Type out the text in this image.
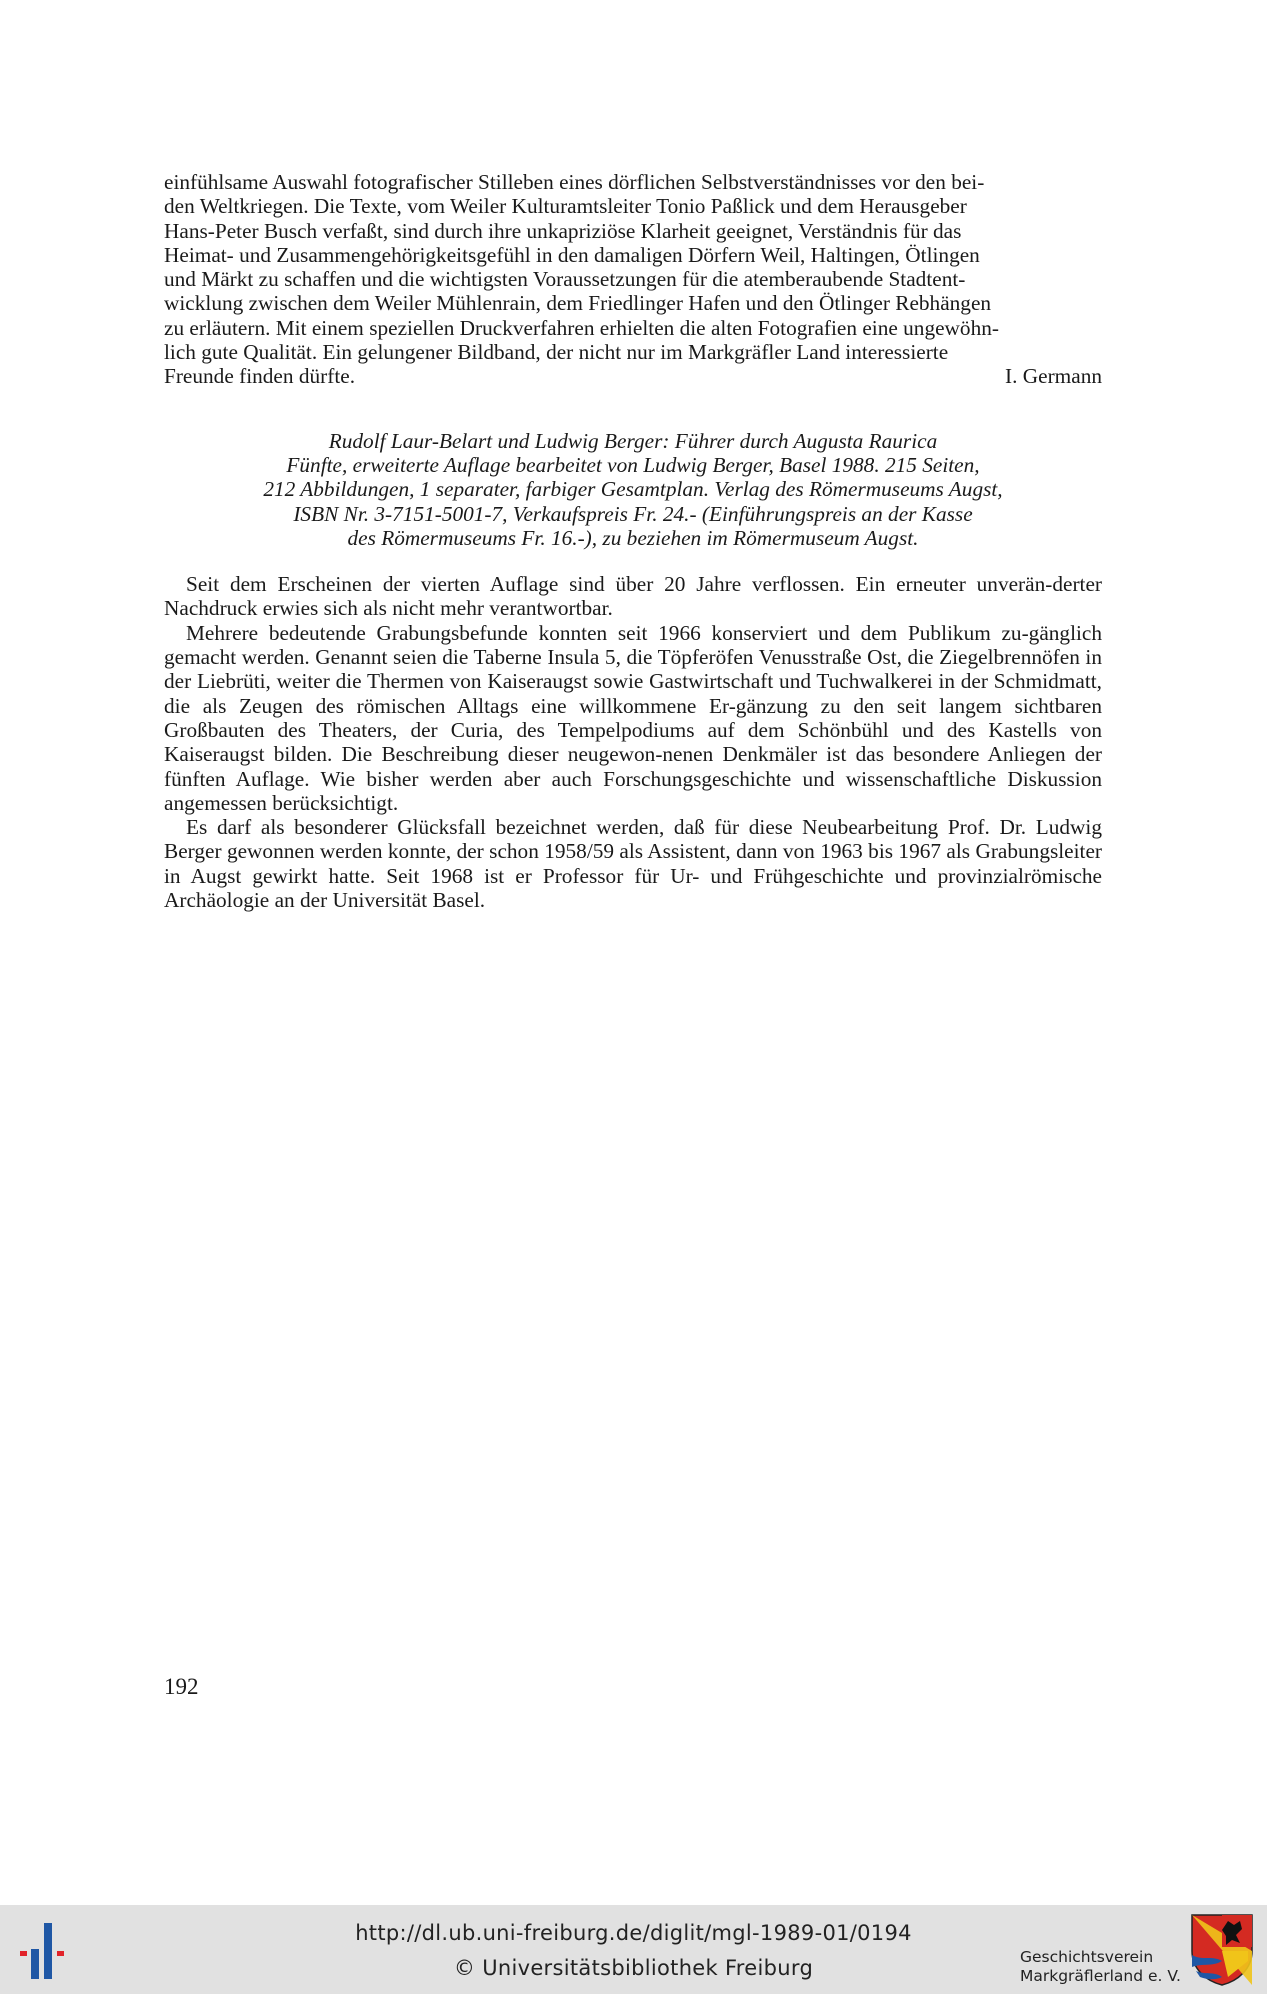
einfühlsame Auswahl fotografischer Stilleben eines dörflichen Selbstverständnisses vor den bei-

den Weltkriegen. Die Texte, vom Weiler Kulturamtsleiter Tonio Paßlick und dem Herausgeber

Hans-Peter Busch verfaßt, sind durch ihre unkapriziöse Klarheit geeignet, Verständnis für das

Heimat- und Zusammengehörigkeitsgefühl in den damaligen Dörfern Weil, Haltingen, Ötlingen

und Märkt zu schaffen und die wichtigsten Voraussetzungen für die atemberaubende Stadtent-

wicklung zwischen dem Weiler Mühlenrain, dem Friedlinger Hafen und den Ötlinger Rebhängen

zu erläutern. Mit einem speziellen Druckverfahren erhielten die alten Fotografien eine ungewöhn-

lich gute Qualität. Ein gelungener Bildband, der nicht nur im Markgräfler Land interessierte

Freunde finden dürfte.	I. Germann
Rudolf Laur-Belart und Ludwig Berger: Führer durch Augusta Raurica
Fünfte, erweiterte Auflage bearbeitet von Ludwig Berger, Basel 1988. 215 Seiten,
212 Abbildungen, 1 separater, farbiger Gesamtplan. Verlag des Römermuseums Augst,
ISBN Nr. 3-7151-5001-7, Verkaufspreis Fr. 24.- (Einführungspreis an der Kasse
des Römermuseums Fr. 16.-), zu beziehen im Römermuseum Augst.

Seit dem Erscheinen der vierten Auflage sind über 20 Jahre verflossen. Ein erneuter unverän-derter Nachdruck erwies sich als nicht mehr verantwortbar.

Mehrere bedeutende Grabungsbefunde konnten seit 1966 konserviert und dem Publikum zu-gänglich gemacht werden. Genannt seien die Taberne Insula 5, die Töpferöfen Venusstraße Ost, die Ziegelbrennöfen in der Liebrüti, weiter die Thermen von Kaiseraugst sowie Gastwirtschaft und Tuchwalkerei in der Schmidmatt, die als Zeugen des römischen Alltags eine willkommene Er-gänzung zu den seit langem sichtbaren Großbauten des Theaters, der Curia, des Tempelpodiums auf dem Schönbühl und des Kastells von Kaiseraugst bilden. Die Beschreibung dieser neugewon-nenen Denkmäler ist das besondere Anliegen der fünften Auflage. Wie bisher werden aber auch Forschungsgeschichte und wissenschaftliche Diskussion angemessen berücksichtigt.

Es darf als besonderer Glücksfall bezeichnet werden, daß für diese Neubearbeitung Prof. Dr. Ludwig Berger gewonnen werden konnte, der schon 1958/59 als Assistent, dann von 1963 bis 1967 als Grabungsleiter in Augst gewirkt hatte. Seit 1968 ist er Professor für Ur- und Frühgeschichte und provinzialrömische Archäologie an der Universität Basel.

192
http://dl.ub.uni-freiburg.de/diglit/mgl-1989-01/0194
© Universitätsbibliothek Freiburg	Geschichtsverein
Markgräflerland e. V.
